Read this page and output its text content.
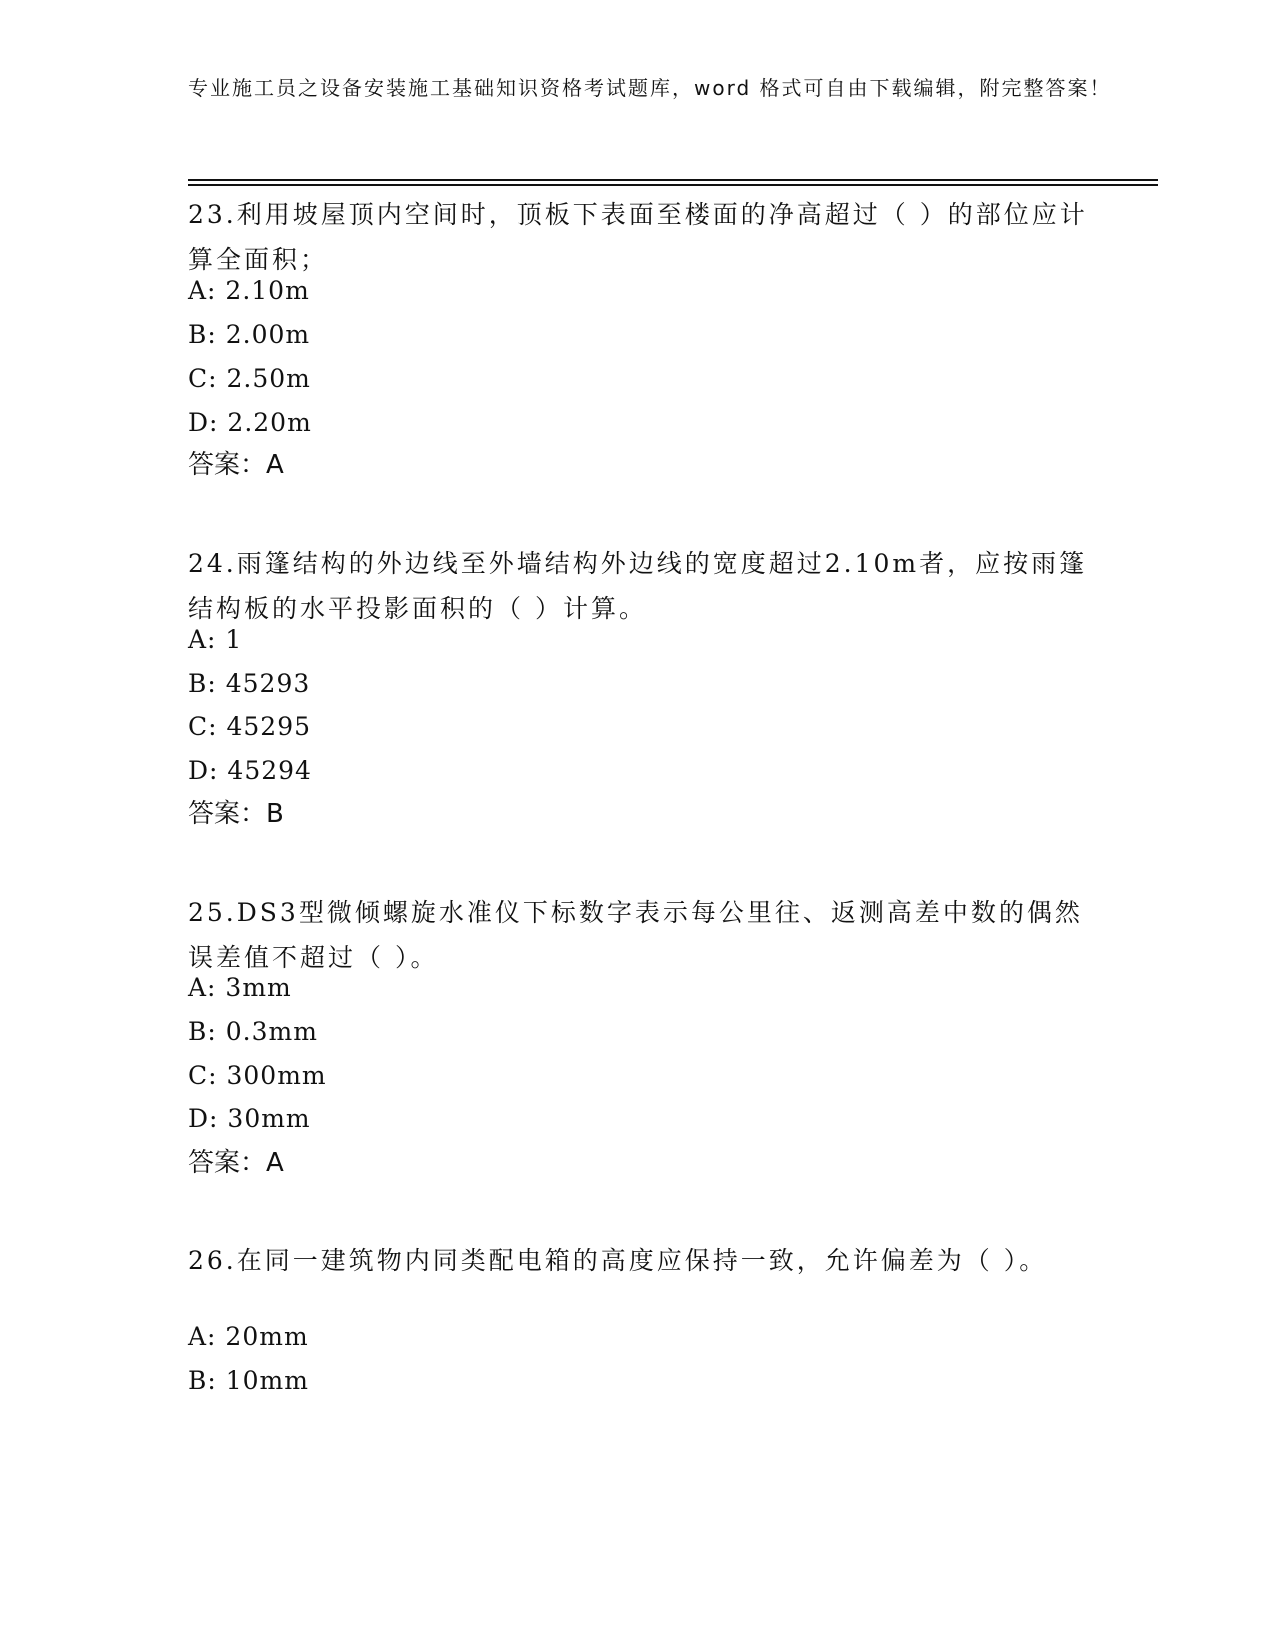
专业施工员之设备安装施工基础知识资格考试题库，word 格式可自由下载编辑，附完整答案！
23.利用坡屋顶内空间时，顶板下表面至楼面的净高超过（ ）的部位应计算全面积；
A: 2.10m
B: 2.00m
C: 2.50m
D: 2.20m
答案：A
24.雨篷结构的外边线至外墙结构外边线的宽度超过2.10m者，应按雨篷结构板的水平投影面积的（ ）计算。
A: 1
B: 45293
C: 45295
D: 45294
答案：B
25.DS3型微倾螺旋水准仪下标数字表示每公里往、返测高差中数的偶然误差值不超过（ ）。
A: 3mm
B: 0.3mm
C: 300mm
D: 30mm
答案：A
26.在同一建筑物内同类配电箱的高度应保持一致，允许偏差为（ ）。
A: 20mm
B: 10mm
